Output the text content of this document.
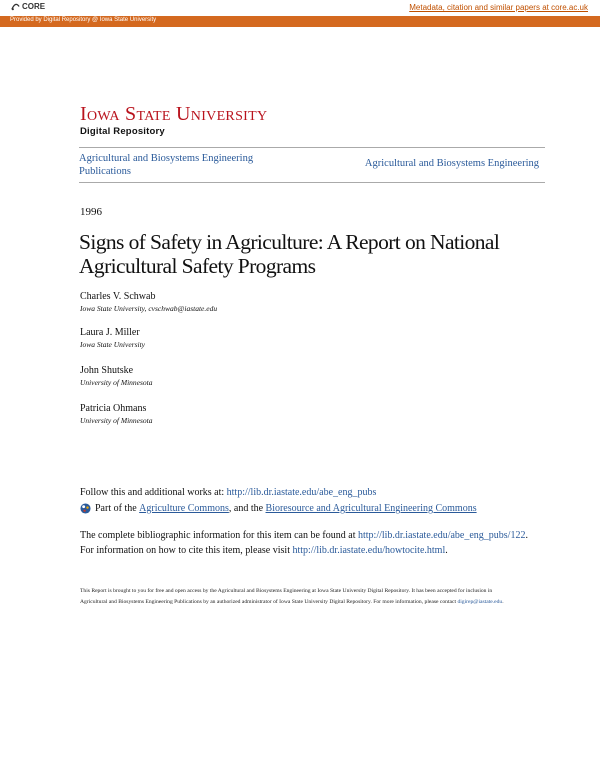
CORE	Metadata, citation and similar papers at core.ac.uk
Provided by Digital Repository @ Iowa State University
Iowa State University
Digital Repository
Agricultural and Biosystems Engineering Publications
Agricultural and Biosystems Engineering
1996
Signs of Safety in Agriculture: A Report on National Agricultural Safety Programs
Charles V. Schwab
Iowa State University, cvschwab@iastate.edu
Laura J. Miller
Iowa State University
John Shutske
University of Minnesota
Patricia Ohmans
University of Minnesota
Follow this and additional works at: http://lib.dr.iastate.edu/abe_eng_pubs
Part of the
Agriculture Commons , and the
Bioresource and Agricultural Engineering Commons
The complete bibliographic information for this item can be found at http://lib.dr.iastate.edu/abe_eng_pubs/122. For information on how to cite this item, please visit http://lib.dr.iastate.edu/howtocite.html.
This Report is brought to you for free and open access by the Agricultural and Biosystems Engineering at Iowa State University Digital Repository. It has been accepted for inclusion in Agricultural and Biosystems Engineering Publications by an authorized administrator of Iowa State University Digital Repository. For more information, please contact digirep@iastate.edu.
